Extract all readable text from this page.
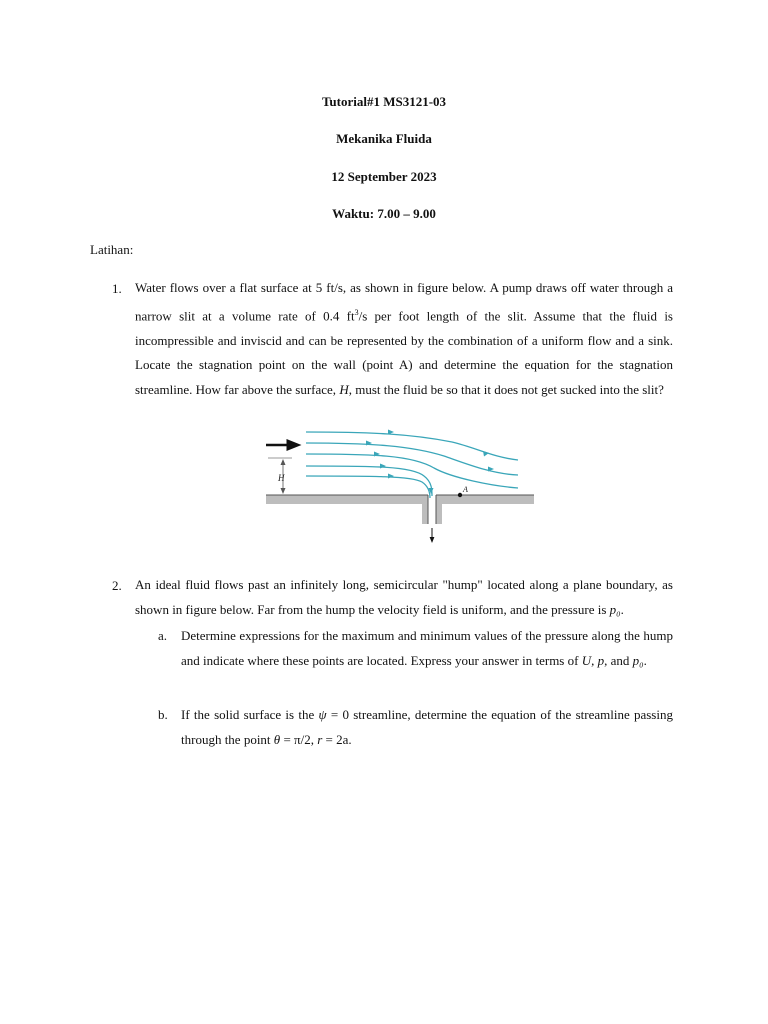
Tutorial#1 MS3121-03
Mekanika Fluida
12 September 2023
Waktu: 7.00 – 9.00
Latihan:
1. Water flows over a flat surface at 5 ft/s, as shown in figure below. A pump draws off water through a narrow slit at a volume rate of 0.4 $ft^3/s$ per foot length of the slit. Assume that the fluid is incompressible and inviscid and can be represented by the combination of a uniform flow and a sink. Locate the stagnation point on the wall (point A) and determine the equation for the stagnation streamline. How far above the surface, H, must the fluid be so that it does not get sucked into the slit?

H
A
2. An ideal fluid flows past an infinitely long, semicircular "hump" located along a plane boundary, as shown in figure below. Far from the hump the velocity field is uniform, and the pressure is p₀.

a. Determine expressions for the maximum and minimum values of the pressure along the hump and indicate where these points are located. Express your answer in terms of U, p, and p₀.
b. If the solid surface is the ψ = 0 streamline, determine the equation of the streamline passing through the point θ = π/2, r = 2a.
